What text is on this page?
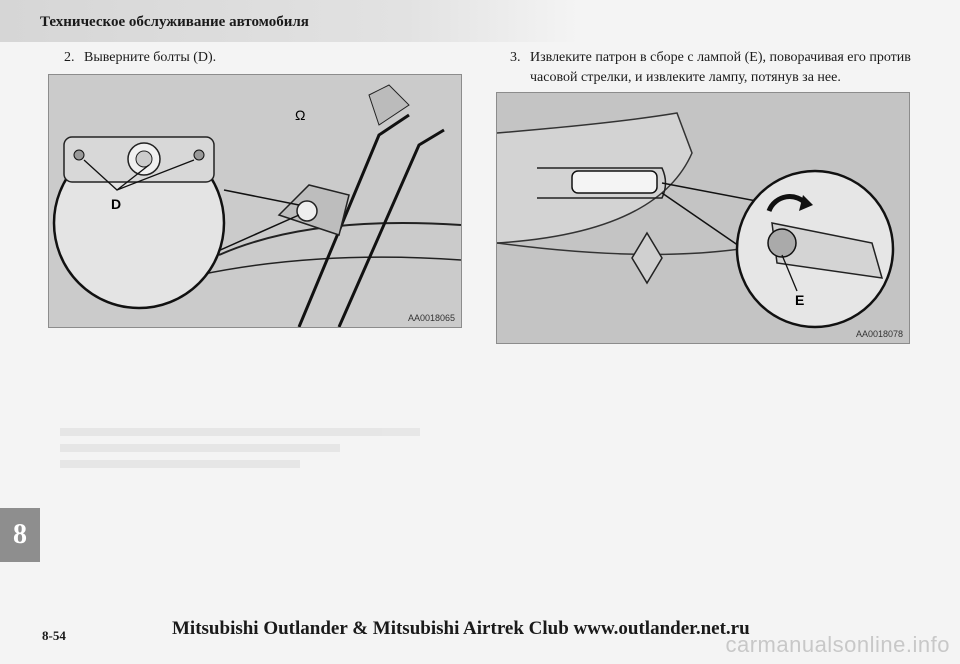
Техническое обслуживание автомобиля
2. Выверните болты (D).	3. Извлеките патрон в сборе с лампой (E), поворачивая его против
часовой стрелки, и извлеките лампу, потянув за нее.
Ω
D
AA0018065
E
AA0018078
8
8-54	Mitsubishi Outlander & Mitsubishi Airtrek Club www.outlander.net.ru
carmanualsonline.info
